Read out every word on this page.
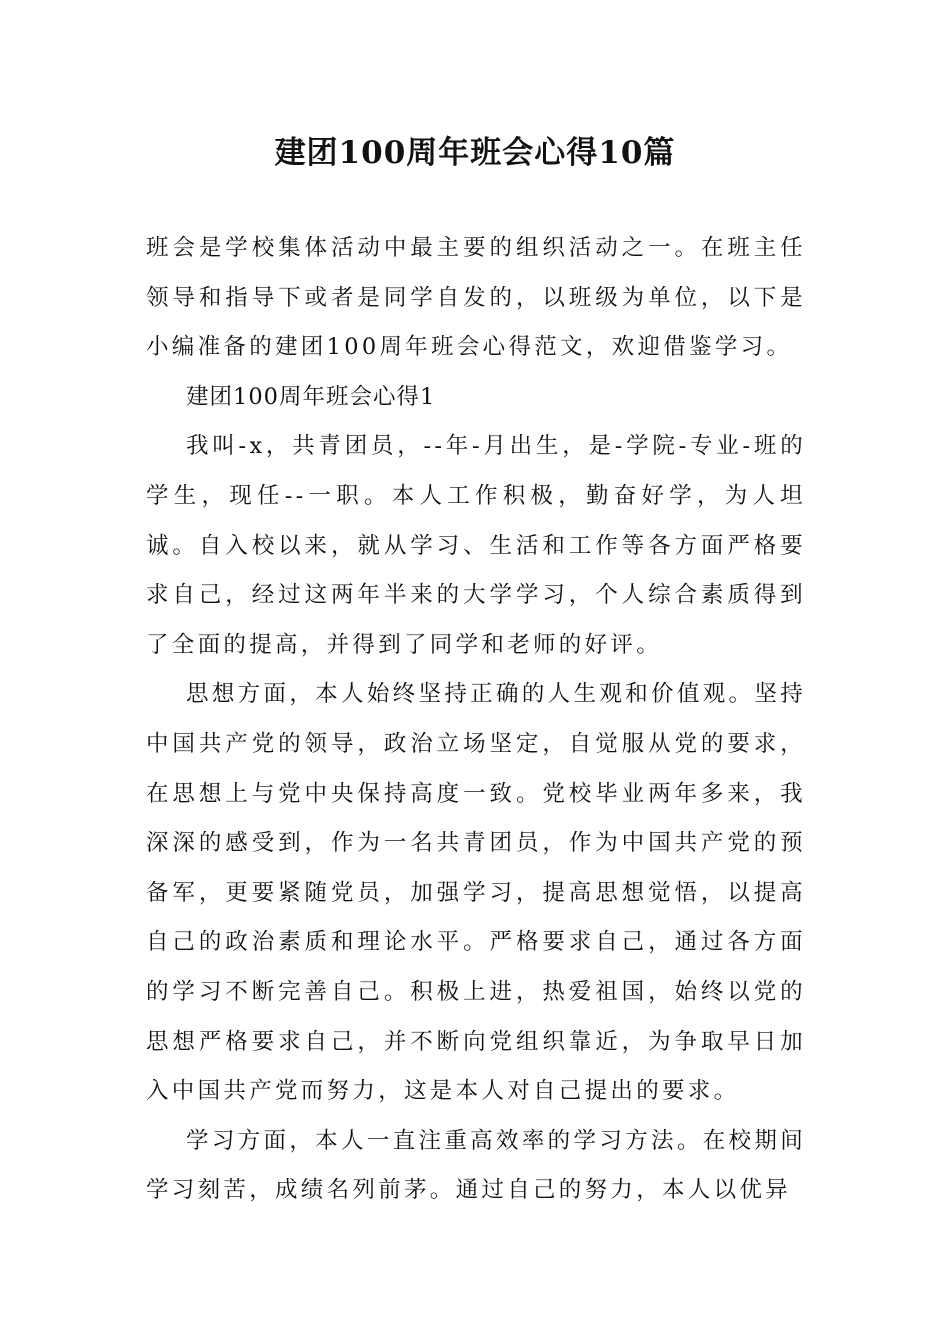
建团100周年班会心得10篇

班会是学校集体活动中最主要的组织活动之一。在班主任领导和指导下或者是同学自发的，以班级为单位，以下是小编准备的建团100周年班会心得范文，欢迎借鉴学习。

建团100周年班会心得1

我叫-x，共青团员，--年-月出生，是-学院-专业-班的学生，现任--一职。本人工作积极，勤奋好学，为人坦诚。自入校以来，就从学习、生活和工作等各方面严格要求自己，经过这两年半来的大学学习，个人综合素质得到了全面的提高，并得到了同学和老师的好评。

思想方面，本人始终坚持正确的人生观和价值观。坚持中国共产党的领导，政治立场坚定，自觉服从党的要求，在思想上与党中央保持高度一致。党校毕业两年多来，我深深的感受到，作为一名共青团员，作为中国共产党的预备军，更要紧随党员，加强学习，提高思想觉悟，以提高自己的政治素质和理论水平。严格要求自己，通过各方面的学习不断完善自己。积极上进，热爱祖国，始终以党的思想严格要求自己，并不断向党组织靠近，为争取早日加入中国共产党而努力，这是本人对自己提出的要求。

学习方面，本人一直注重高效率的学习方法。在校期间学习刻苦，成绩名列前茅。通过自己的努力，本人以优异
